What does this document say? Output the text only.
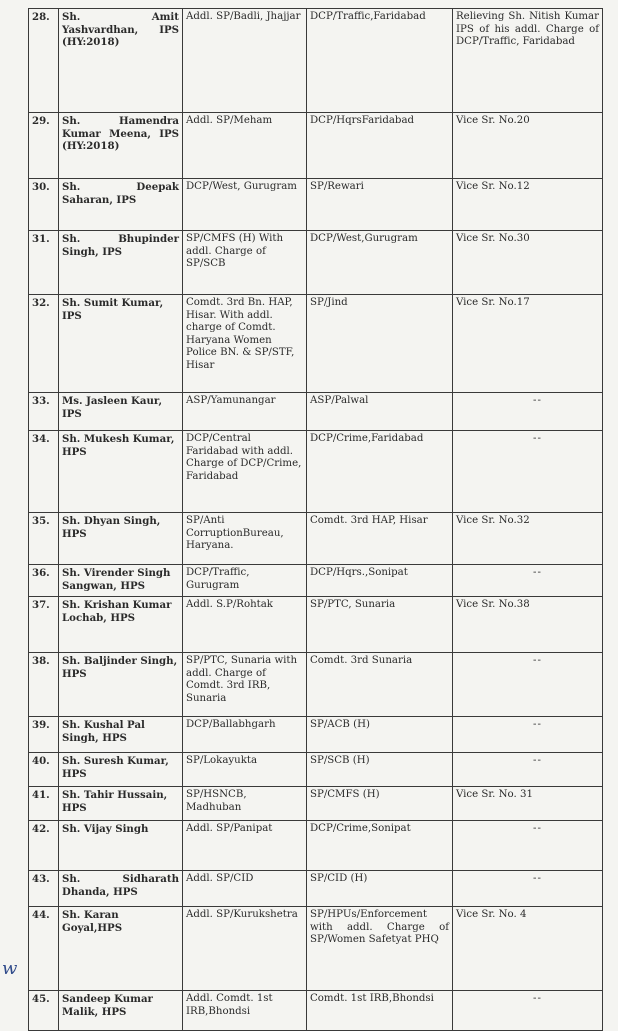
28.	Sh. Amit Yashvardhan, IPS (HY:2018)	Addl. SP/Badli, Jhajjar	DCP/Traffic,Faridabad	Relieving Sh. Nitish Kumar IPS of his addl. Charge of DCP/Traffic, Faridabad
29.	Sh. Hamendra Kumar Meena, IPS (HY:2018)	Addl. SP/Meham	DCP/HqrsFaridabad	Vice Sr. No.20
30.	Sh. Deepak Saharan, IPS	DCP/West, Gurugram	SP/Rewari	Vice Sr. No.12
31.	Sh. Bhupinder Singh, IPS	SP/CMFS (H) With addl. Charge of SP/SCB	DCP/West,Gurugram	Vice Sr. No.30
32.	Sh. Sumit Kumar, IPS	Comdt. 3rd Bn. HAP, Hisar. With addl. charge of Comdt. Haryana Women Police BN. & SP/STF, Hisar	SP/Jind	Vice Sr. No.17
33.	Ms. Jasleen Kaur, IPS	ASP/Yamunangar	ASP/Palwal	--

34.	Sh. Mukesh Kumar, HPS	DCP/Central Faridabad with addl. Charge of DCP/Crime, Faridabad	DCP/Crime,Faridabad	--

35.	Sh. Dhyan Singh, HPS	SP/Anti CorruptionBureau, Haryana.	Comdt. 3rd HAP, Hisar	Vice Sr. No.32
36.	Sh. Virender Singh Sangwan, HPS	DCP/Traffic, Gurugram	DCP/Hqrs.,Sonipat	--

37.	Sh. Krishan Kumar Lochab, HPS	Addl. S.P/Rohtak	SP/PTC, Sunaria	Vice Sr. No.38
38.	Sh. Baljinder Singh, HPS	SP/PTC, Sunaria with addl. Charge of Comdt. 3rd IRB, Sunaria	Comdt. 3rd Sunaria	--

39.	Sh. Kushal Pal Singh, HPS	DCP/Ballabhgarh	SP/ACB (H)	--

40.	Sh. Suresh Kumar, HPS	SP/Lokayukta	SP/SCB (H)	--

41.	Sh. Tahir Hussain, HPS	SP/HSNCB, Madhuban	SP/CMFS (H)	Vice Sr. No. 31
42.	Sh. Vijay Singh	Addl. SP/Panipat	DCP/Crime,Sonipat	--

43.	Sh. Sidharath Dhanda, HPS	Addl. SP/CID	SP/CID (H)	--

44.	Sh. Karan Goyal,HPS	Addl. SP/Kurukshetra	SP/HPUs/Enforcement with addl. Charge of SP/Women Safetyat PHQ	Vice Sr. No. 4
45.	Sandeep Kumar Malik, HPS	Addl. Comdt. 1st IRB,Bhondsi	Comdt. 1st IRB,Bhondsi	--
w
